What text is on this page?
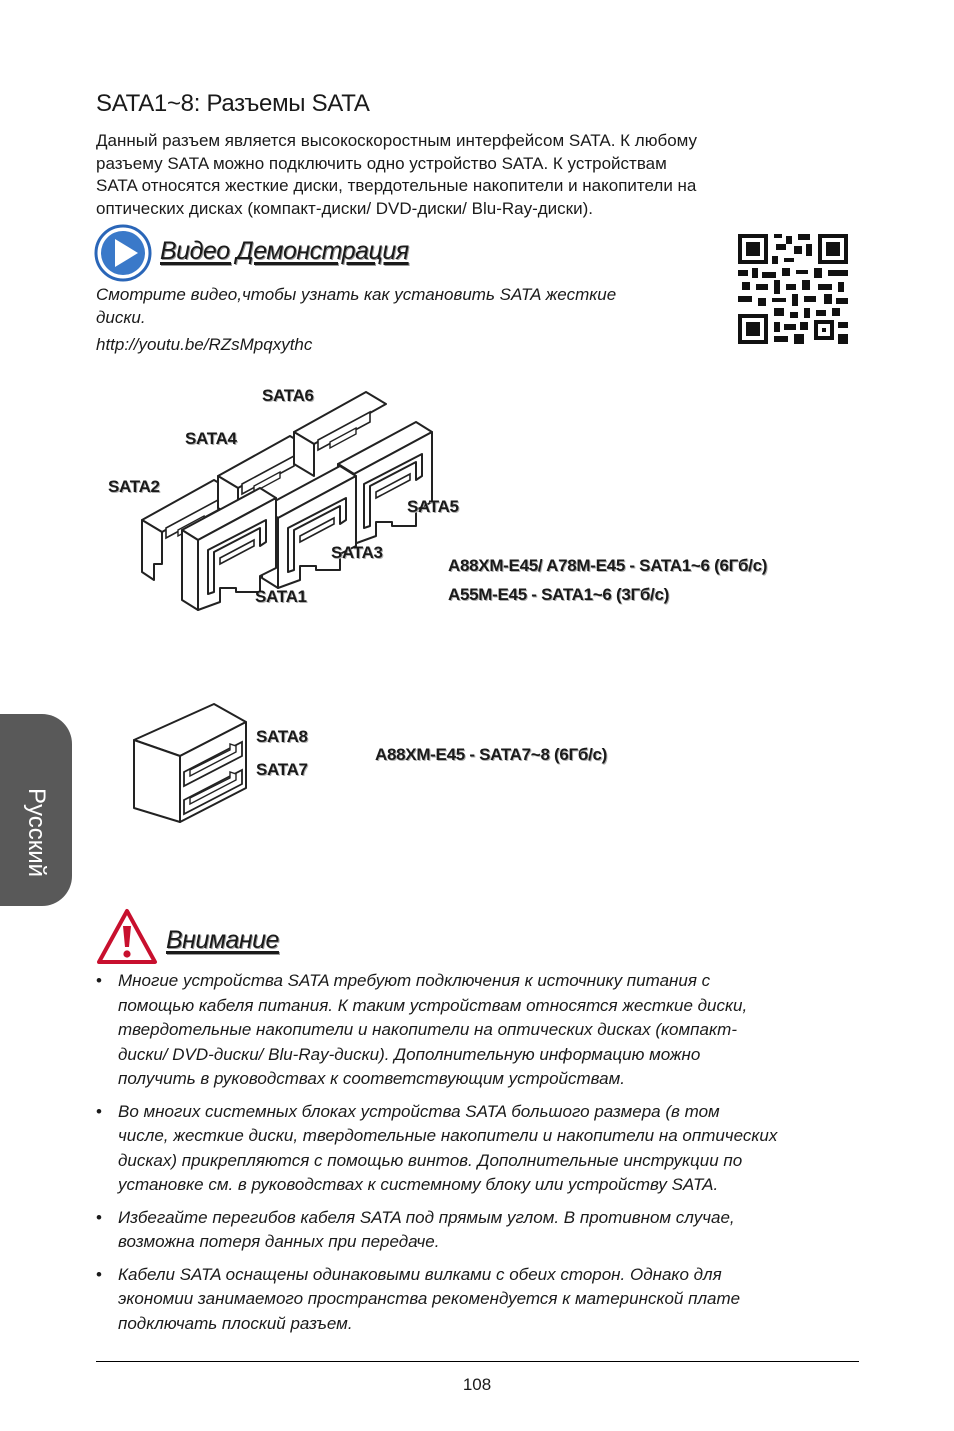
SATA1~8: Разъемы SATA

Данный разъем является высокоскоростным интерфейсом SATA. К любому
разъему SATA можно подключить одно устройство SATA. К устройствам
SATA относятся жесткие диски, твердотельные накопители и накопители на
оптических дисках (компакт-диски/ DVD-диски/ Blu-Ray-диски).

Видео Демонстрация

Смотрите видео,чтобы узнать как установить SATA жесткие
диски.

http://youtu.be/RZsMpqxythc
SATA6
SATA4
SATA2
SATA5
SATA3
SATA1
A88XM-E45/ A78M-E45 - SATA1~6 (6Гб/с)
A55M-E45 - SATA1~6 (3Гб/с)
SATA8
SATA7
A88XM-E45 - SATA7~8 (6Гб/с)
Русский
Внимание
• Многие устройства SATA требуют подключения к источнику питания с
помощью кабеля питания. К таким устройствам относятся жесткие диски,
твердотельные накопители и накопители на оптических дисках (компакт-
диски/ DVD-диски/ Blu-Ray-диски). Дополнительную информацию можно
получить в руководствах к соответствующим устройствам.
• Во многих системных блоках устройства SATA большого размера (в том
числе, жесткие диски, твердотельные накопители и накопители на оптических
дисках) прикрепляются с помощью винтов. Дополнительные инструкции по
установке см. в руководствах к системному блоку или устройству SATA.
• Избегайте перегибов кабеля SATA под прямым углом. В противном случае,
возможна потеря данных при передаче.
• Кабели SATA оснащены одинаковыми вилками с обеих сторон. Однако для
экономии занимаемого пространства рекомендуется к материнской плате
подключать плоский разъем.
108
